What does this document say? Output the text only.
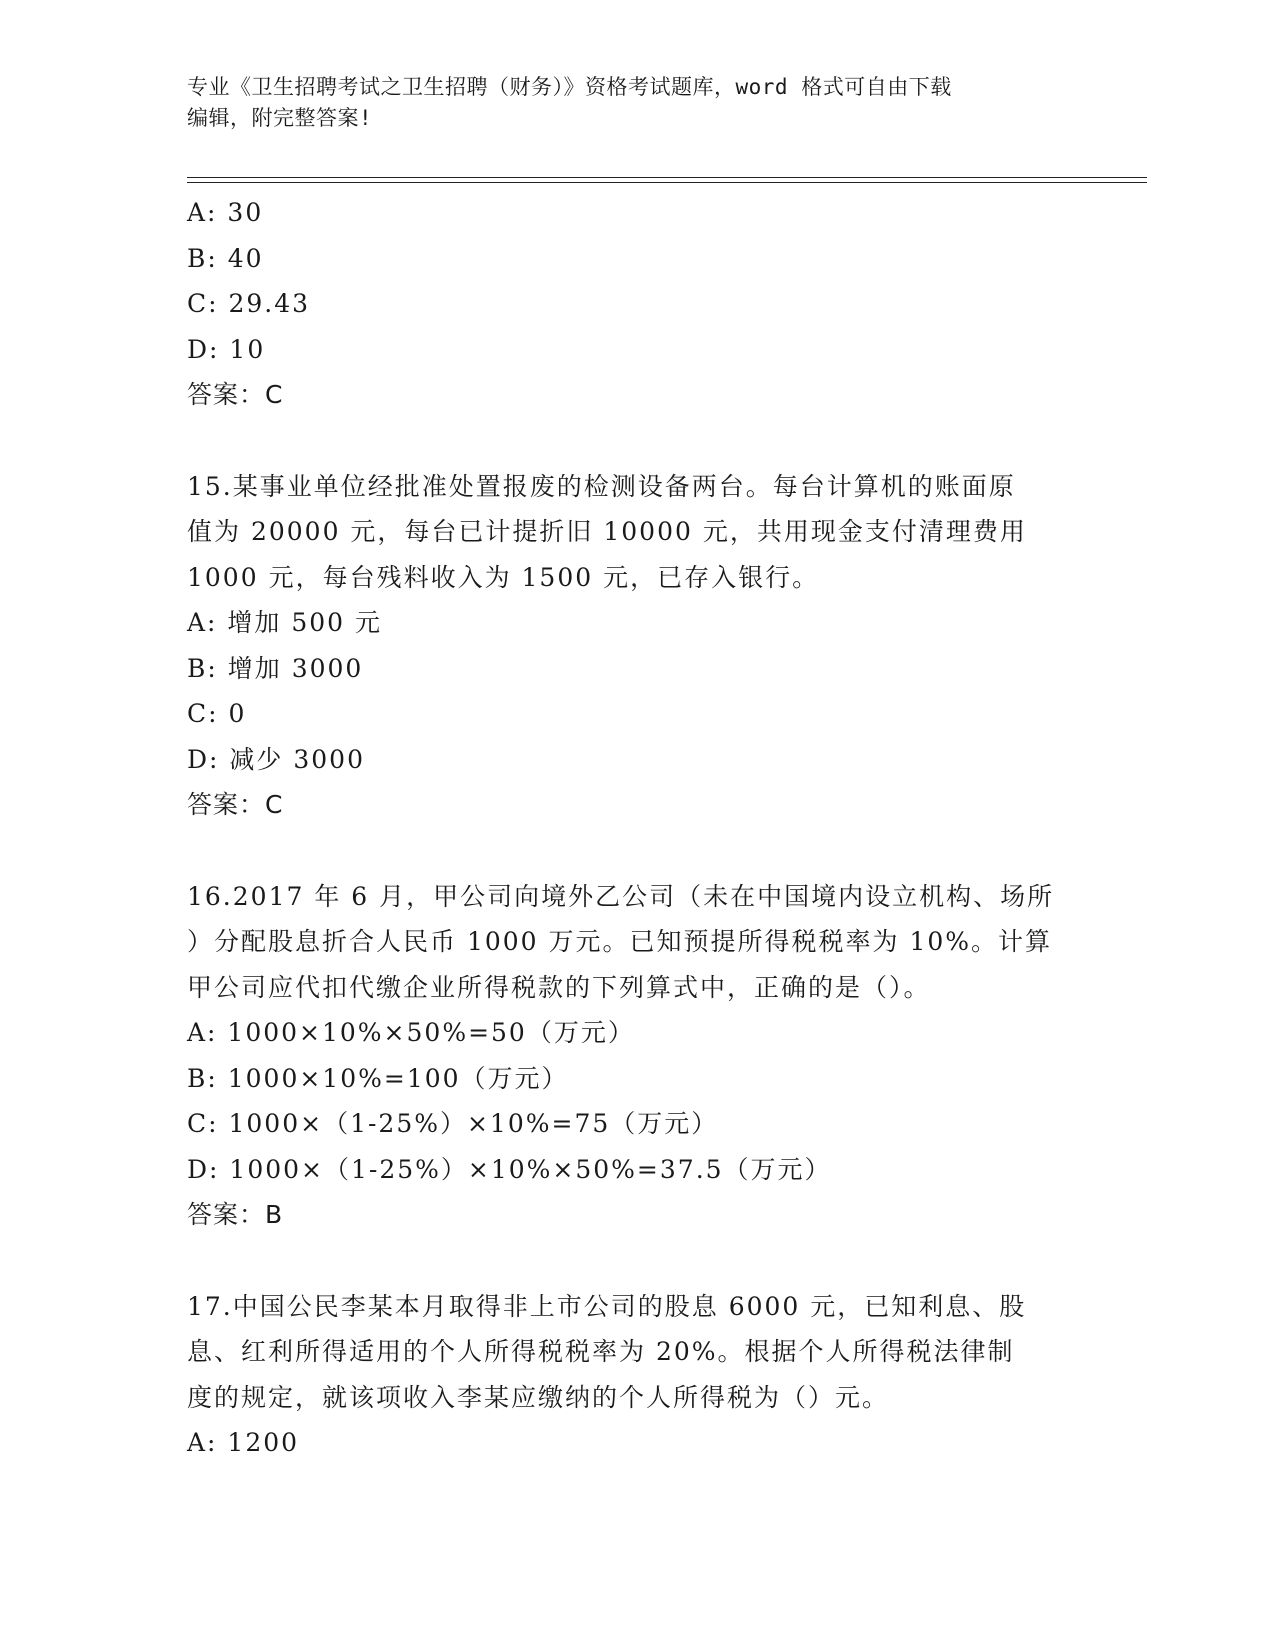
专业《卫生招聘考试之卫生招聘（财务）》资格考试题库，word 格式可自由下载
编辑，附完整答案!
A: 30
B: 40
C: 29.43
D: 10
答案：C
15.某事业单位经批准处置报废的检测设备两台。每台计算机的账面原
值为 20000 元，每台已计提折旧 10000 元，共用现金支付清理费用
1000 元，每台残料收入为 1500 元，已存入银行。
A: 增加 500 元
B: 增加 3000
C: 0
D: 减少 3000
答案：C
16.2017 年 6 月，甲公司向境外乙公司（未在中国境内设立机构、场所
）分配股息折合人民币 1000 万元。已知预提所得税税率为 10%。计算
甲公司应代扣代缴企业所得税款的下列算式中，正确的是（）。
A: 1000×10%×50%=50（万元）
B: 1000×10%=100（万元）
C: 1000×（1-25%）×10%=75（万元）
D: 1000×（1-25%）×10%×50%=37.5（万元）
答案：B
17.中国公民李某本月取得非上市公司的股息 6000 元，已知利息、股
息、红利所得适用的个人所得税税率为 20%。根据个人所得税法律制
度的规定，就该项收入李某应缴纳的个人所得税为（）元。
A: 1200
